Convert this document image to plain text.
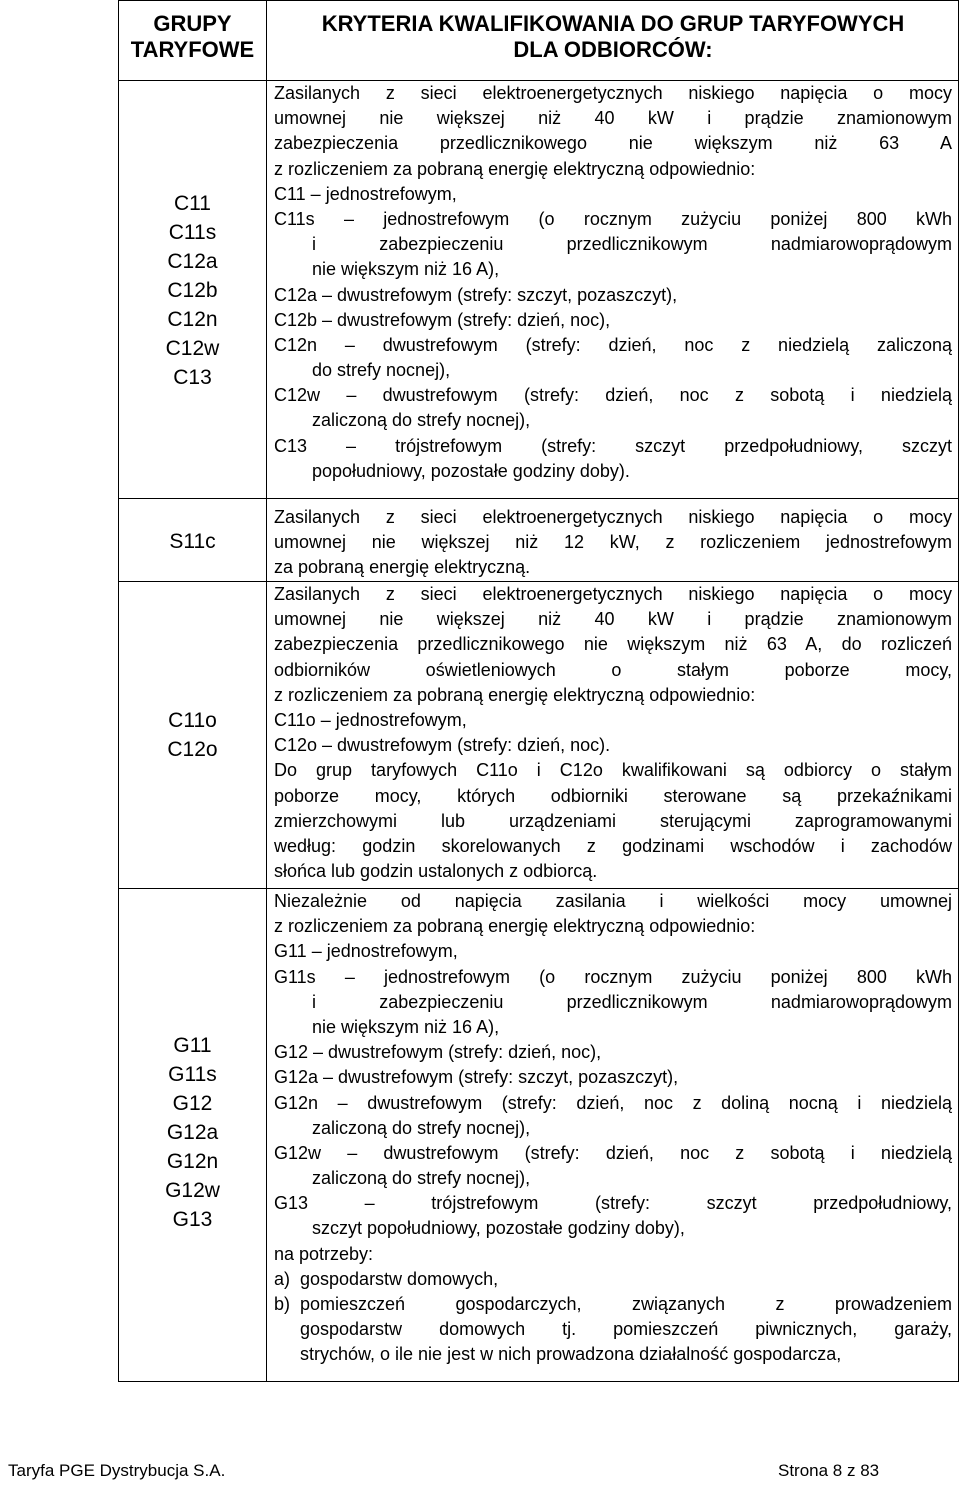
GRUPY
TARYFOWE
KRYTERIA KWALIFIKOWANIA DO GRUP TARYFOWYCH
DLA ODBIORCÓW:
C11
C11s
C12a
C12b
C12n
C12w
C13
Zasilanych z sieci elektroenergetycznych niskiego napięcia o mocy
umownej nie większej niż 40 kW i prądzie znamionowym
zabezpieczenia przedlicznikowego nie większym niż 63 A
z rozliczeniem za pobraną energię elektryczną odpowiednio:
C11 – jednostrefowym,
C11s – jednostrefowym (o rocznym zużyciu poniżej 800 kWh
i zabezpieczeniu przedlicznikowym nadmiarowoprądowym
nie większym niż 16 A),
C12a – dwustrefowym (strefy: szczyt, pozaszczyt),
C12b – dwustrefowym (strefy: dzień, noc),
C12n – dwustrefowym (strefy: dzień, noc z niedzielą zaliczoną
do strefy nocnej),
C12w – dwustrefowym (strefy: dzień, noc z sobotą i niedzielą
zaliczoną do strefy nocnej),
C13 – trójstrefowym (strefy: szczyt przedpołudniowy, szczyt
popołudniowy, pozostałe godziny doby).
S11c
Zasilanych z sieci elektroenergetycznych niskiego napięcia o mocy
umownej nie większej niż 12 kW, z rozliczeniem jednostrefowym
za pobraną energię elektryczną.
C11o
C12o
Zasilanych z sieci elektroenergetycznych niskiego napięcia o mocy
umownej nie większej niż 40 kW i prądzie znamionowym
zabezpieczenia przedlicznikowego nie większym niż 63 A, do rozliczeń
odbiorników oświetleniowych o stałym poborze mocy,
z rozliczeniem za pobraną energię elektryczną odpowiednio:
C11o – jednostrefowym,
C12o – dwustrefowym (strefy: dzień, noc).
Do grup taryfowych C11o i C12o kwalifikowani są odbiorcy o stałym
poborze mocy, których odbiorniki sterowane są przekaźnikami
zmierzchowymi lub urządzeniami sterującymi zaprogramowanymi
według: godzin skorelowanych z godzinami wschodów i zachodów
słońca lub godzin ustalonych z odbiorcą.
G11
G11s
G12
G12a
G12n
G12w
G13
Niezależnie od napięcia zasilania i wielkości mocy umownej
z rozliczeniem za pobraną energię elektryczną odpowiednio:
G11 – jednostrefowym,
G11s – jednostrefowym (o rocznym zużyciu poniżej 800 kWh
i zabezpieczeniu przedlicznikowym nadmiarowoprądowym
nie większym niż 16 A),
G12 – dwustrefowym (strefy: dzień, noc),
G12a – dwustrefowym (strefy: szczyt, pozaszczyt),
G12n – dwustrefowym (strefy: dzień, noc z doliną nocną i niedzielą
zaliczoną do strefy nocnej),
G12w – dwustrefowym (strefy: dzień, noc z sobotą i niedzielą
zaliczoną do strefy nocnej),
G13 – trójstrefowym (strefy: szczyt przedpołudniowy,
szczyt popołudniowy, pozostałe godziny doby),
na potrzeby:
a) gospodarstw domowych,
b) pomieszczeń gospodarczych, związanych z prowadzeniem
gospodarstw domowych tj. pomieszczeń piwnicznych, garaży,
strychów, o ile nie jest w nich prowadzona działalność gospodarcza,
Taryfa PGE Dystrybucja S.A.	Strona 8 z 83
